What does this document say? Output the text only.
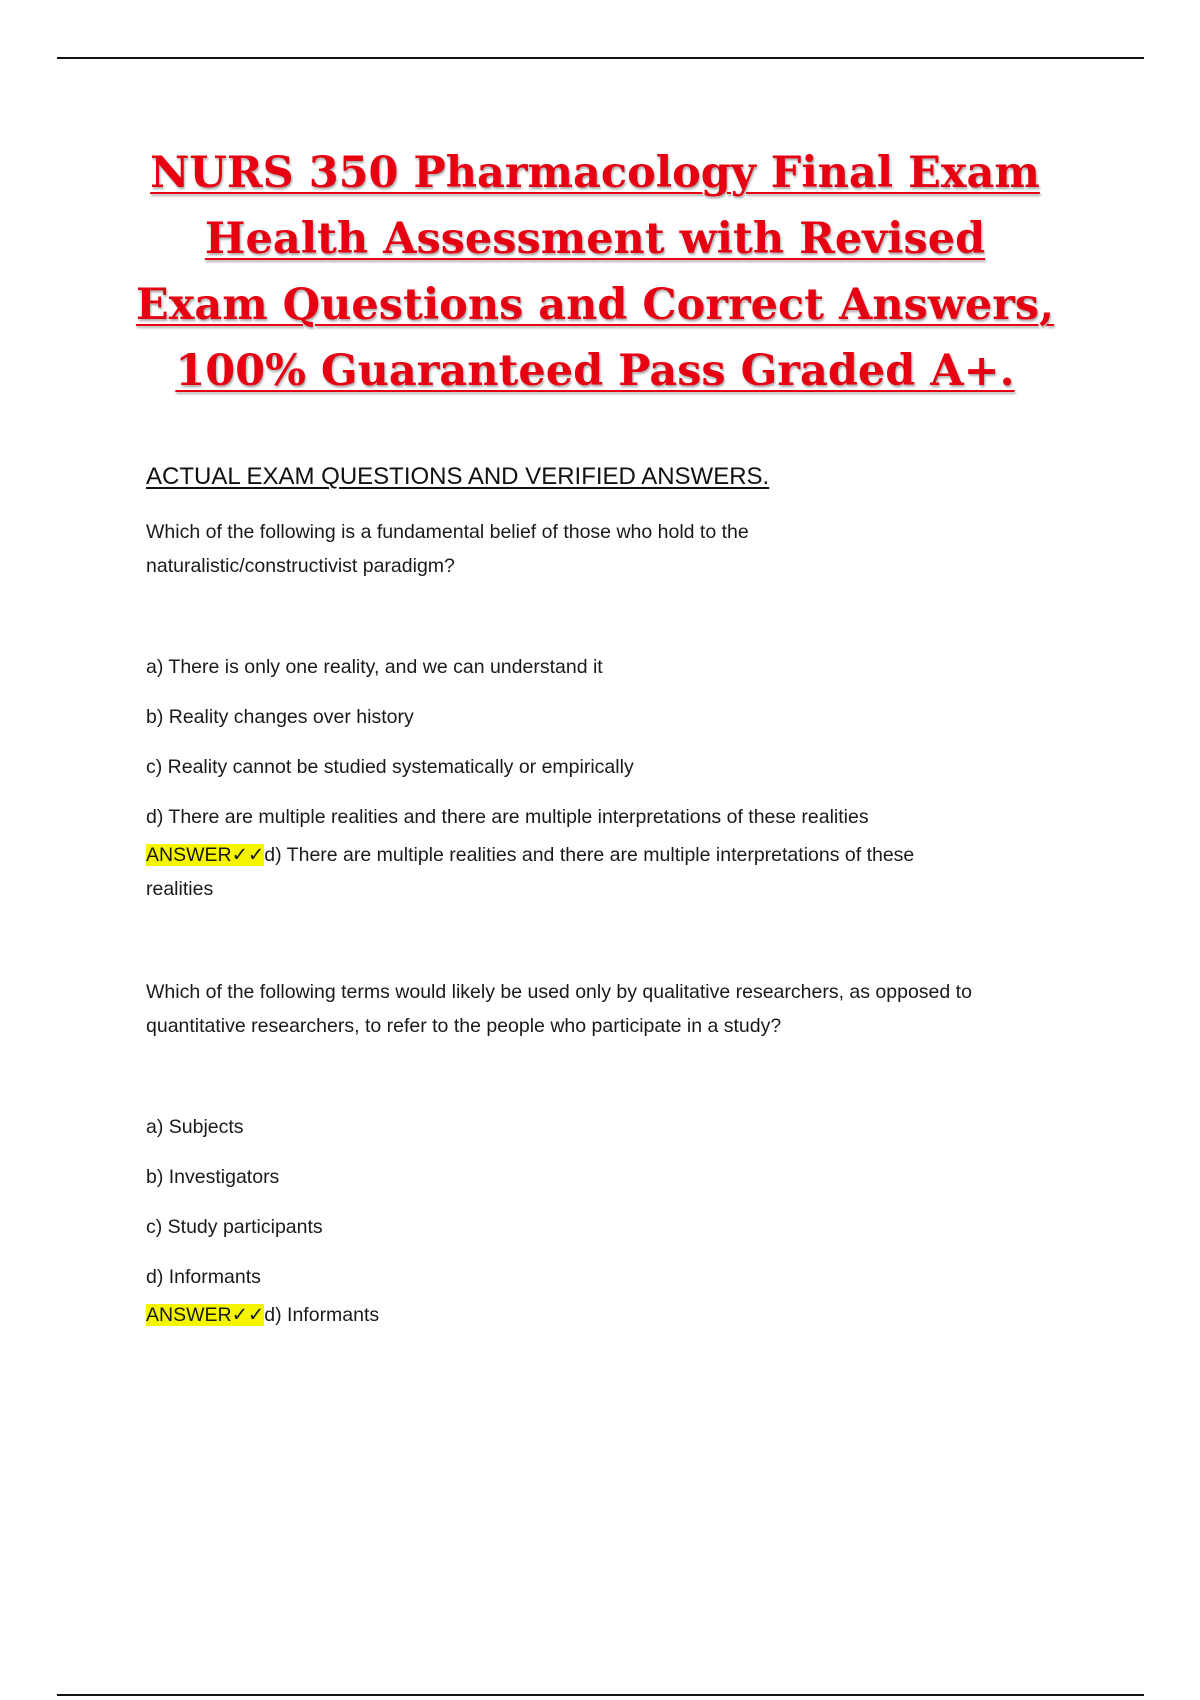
NURS 350 Pharmacology Final Exam
Health Assessment with Revised
Exam Questions and Correct Answers,
100% Guaranteed Pass Graded A+.
ACTUAL EXAM QUESTIONS AND VERIFIED ANSWERS.
Which of the following is a fundamental belief of those who hold to the
naturalistic/constructivist paradigm?
a) There is only one reality, and we can understand it
b) Reality changes over history
c) Reality cannot be studied systematically or empirically
d) There are multiple realities and there are multiple interpretations of these realities
ANSWER✓✓d) There are multiple realities and there are multiple interpretations of these
realities
Which of the following terms would likely be used only by qualitative researchers, as opposed to
quantitative researchers, to refer to the people who participate in a study?
a) Subjects
b) Investigators
c) Study participants
d) Informants
ANSWER✓✓d) Informants
